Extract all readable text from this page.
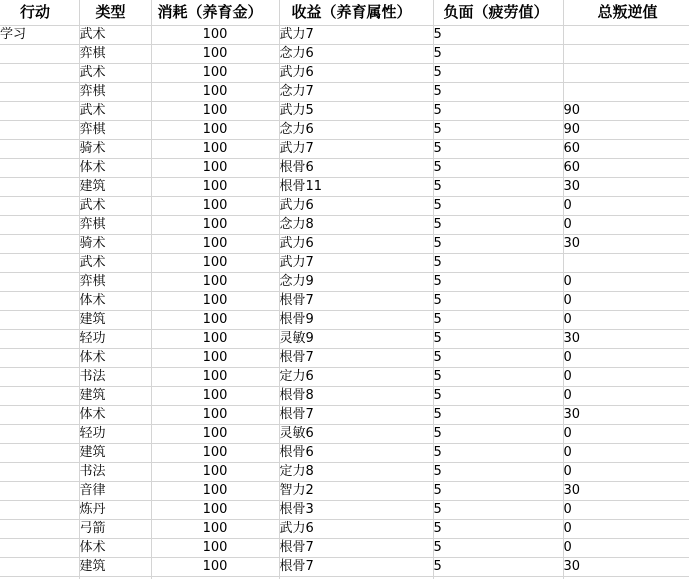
行动	类型	消耗（养育金）	收益（养育属性）	负面（疲劳值）	总叛逆值
学习	武术	100	武力7	5	
	弈棋	100	念力6	5	
	武术	100	武力6	5	
	弈棋	100	念力7	5	
	武术	100	武力5	5	90
	弈棋	100	念力6	5	90
	骑术	100	武力7	5	60
	体术	100	根骨6	5	60
	建筑	100	根骨11	5	30
	武术	100	武力6	5	0
	弈棋	100	念力8	5	0
	骑术	100	武力6	5	30
	武术	100	武力7	5	
	弈棋	100	念力9	5	0
	体术	100	根骨7	5	0
	建筑	100	根骨9	5	0
	轻功	100	灵敏9	5	30
	体术	100	根骨7	5	0
	书法	100	定力6	5	0
	建筑	100	根骨8	5	0
	体术	100	根骨7	5	30
	轻功	100	灵敏6	5	0
	建筑	100	根骨6	5	0
	书法	100	定力8	5	0
	音律	100	智力2	5	30
	炼丹	100	根骨3	5	0
	弓箭	100	武力6	5	0
	体术	100	根骨7	5	0
	建筑	100	根骨7	5	30
